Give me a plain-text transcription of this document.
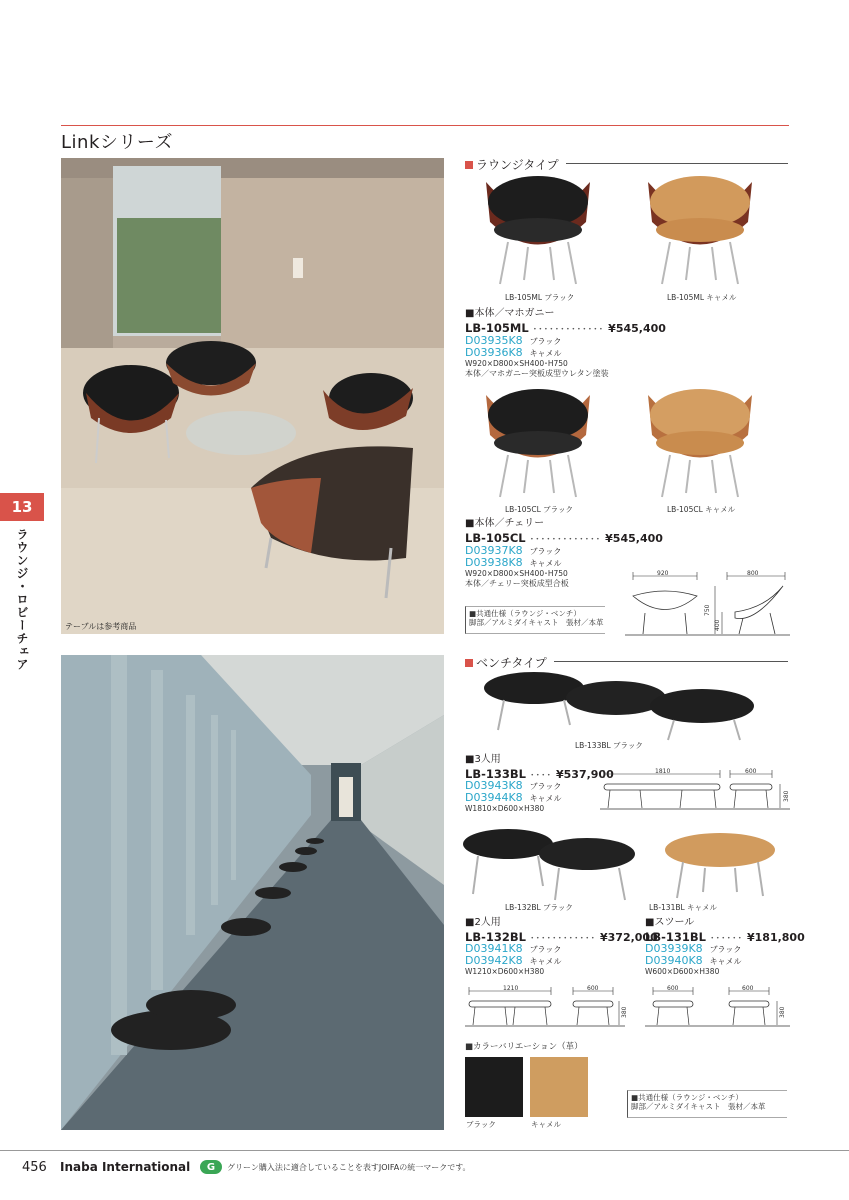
Linkシリーズ
13
ラウンジ・ロビーチェア	テーブルは参考商品
ラウンジタイプ
LB-105ML ブラック	LB-105ML キャメル
■本体／マホガニー
LB-105ML ･････････････ ¥545,400
D03935K8 ブラック
D03936K8 キャメル
W920×D800×SH400･H750
本体／マホガニー突板成型ウレタン塗装
LB-105CL ブラック	LB-105CL キャメル
■本体／チェリー
LB-105CL ･････････････ ¥545,400
D03937K8 ブラック
D03938K8 キャメル
W920×D800×SH400･H750
本体／チェリー突板成型合板
■共通仕様（ラウンジ・ベンチ）
脚部／アルミダイキャスト　張材／本革
920	800
750
400
ベンチタイプ
LB-133BL ブラック
■3人用
LB-133BL ････ ¥537,900
D03943K8 ブラック
D03944K8 キャメル
W1810×D600×H380
1810	600
380
LB-132BL ブラック	LB-131BL キャメル
■2人用
LB-132BL ････････････ ¥372,000
D03941K8 ブラック
D03942K8 キャメル
W1210×D600×H380
■スツール
LB-131BL ･･････ ¥181,800
D03939K8 ブラック
D03940K8 キャメル
W600×D600×H380
1210	600
380
600	600
380
■カラーバリエーション（革）
ブラック	キャメル
■共通仕様（ラウンジ・ベンチ）
脚部／アルミダイキャスト　張材／本革
456 Inaba International	G	グリーン購入法に適合していることを表すJOIFAの統一マークです。
